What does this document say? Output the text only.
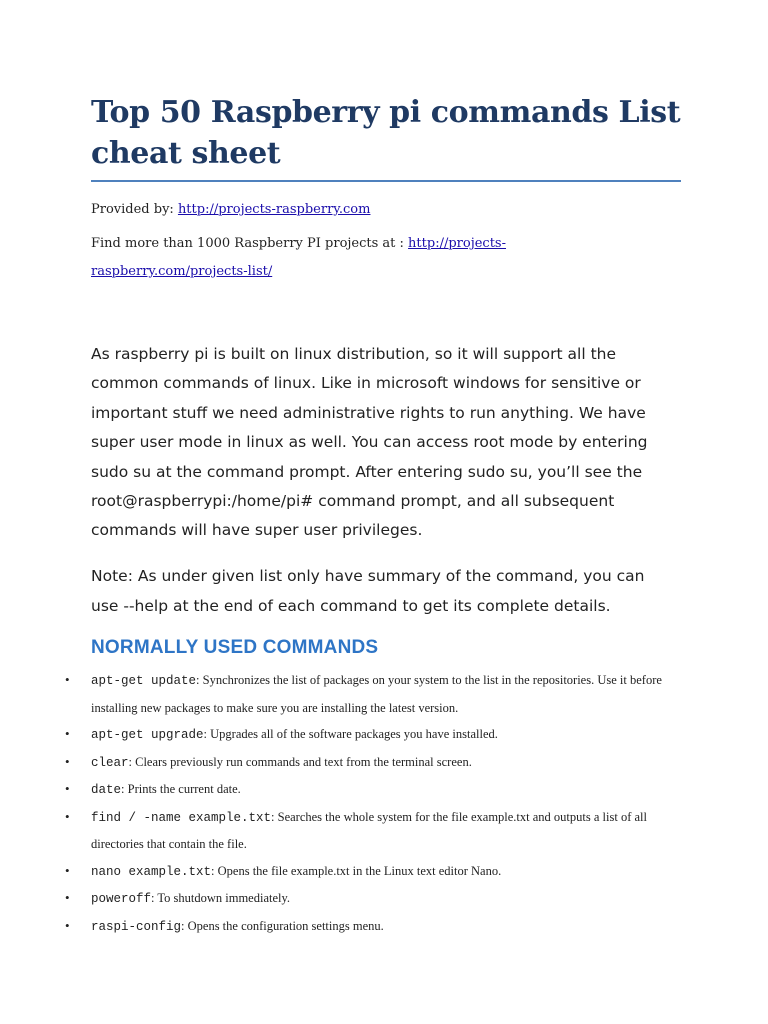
Top 50 Raspberry pi commands List cheat sheet
Provided by: http://projects-raspberry.com
Find more than 1000 Raspberry PI projects at : http://projects-raspberry.com/projects-list/

As raspberry pi is built on linux distribution, so it will support all the common commands of linux. Like in microsoft windows for sensitive or important stuff we need administrative rights to run anything. We have super user mode in linux as well. You can access root mode by entering sudo su at the command prompt. After entering sudo su, you’ll see the root@raspberrypi:/home/pi# command prompt, and all subsequent commands will have super user privileges.

Note: As under given list only have summary of the command, you can use --help at the end of each command to get its complete details.

NORMALLY USED COMMANDS
• apt-get update: Synchronizes the list of packages on your system to the list in the repositories. Use it before installing new packages to make sure you are installing the latest version.
• apt-get upgrade: Upgrades all of the software packages you have installed.
• clear: Clears previously run commands and text from the terminal screen.
• date: Prints the current date.
• find / -name example.txt: Searches the whole system for the file example.txt and outputs a list of all directories that contain the file.
• nano example.txt: Opens the file example.txt in the Linux text editor Nano.
• poweroff: To shutdown immediately.
• raspi-config: Opens the configuration settings menu.
